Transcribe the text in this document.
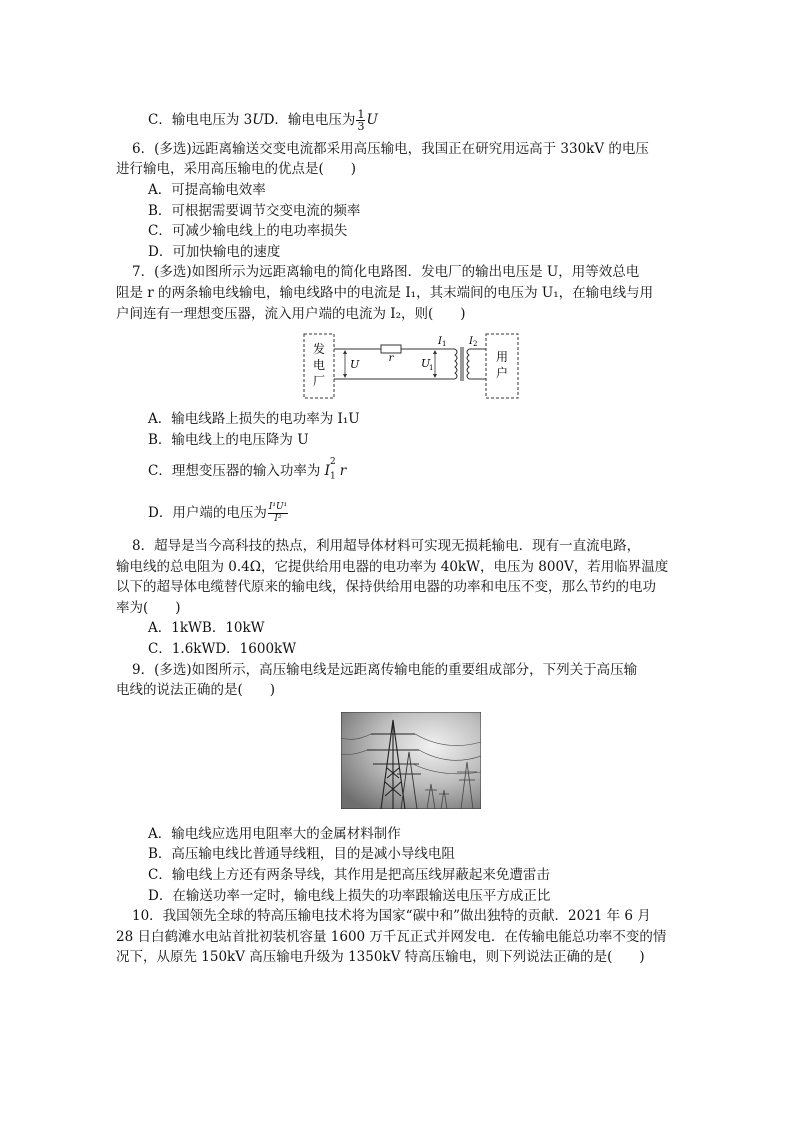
C．输电电压为 3UD．输电电压为 $\frac{1}{3}$ U
6．(多选)远距离输送交变电流都采用高压输电，我国正在研究用远高于 330kV 的电压
进行输电，采用高压输电的优点是(　　)
A．可提高输电效率
B．可根据需要调节交变电流的频率
C．可减少输电线上的电功率损失
D．可加快输电的速度
7．(多选)如图所示为远距离输电的简化电路图．发电厂的输出电压是 U，用等效总电
阻是 r 的两条输电线输电，输电线路中的电流是 I₁，其末端间的电压为 U₁，在输电线与用
户间连有一理想变压器，流入用户端的电流为 I₂，则(　　)
发
电
厂
r
U	U
1
I 1 I 2
用
户
A．输电线路上损失的电功率为 I₁U
B．输电线上的电压降为 U
C．理想变压器的输入功率为 I
2
$_1$ r
D．用户端的电压为 $\frac{\text{I¹U¹}}{\text{I²}}$
8．超导是当今高科技的热点，利用超导体材料可实现无损耗输电．现有一直流电路，
输电线的总电阻为 0.4Ω，它提供给用电器的电功率为 40kW，电压为 800V，若用临界温度
以下的超导体电缆替代原来的输电线，保持供给用电器的功率和电压不变，那么节约的电功
率为(　　)
A．1kWB．10kW
C．1.6kWD．1600kW
9．(多选)如图所示，高压输电线是远距离传输电能的重要组成部分，下列关于高压输
电线的说法正确的是(　　)
A．输电线应选用电阻率大的金属材料制作
B．高压输电线比普通导线粗，目的是减小导线电阻
C．输电线上方还有两条导线，其作用是把高压线屏蔽起来免遭雷击
D．在输送功率一定时，输电线上损失的功率跟输送电压平方成正比
10．我国领先全球的特高压输电技术将为国家“碳中和”做出独特的贡献．2021 年 6 月
28 日白鹤滩水电站首批初装机容量 1600 万千瓦正式并网发电．在传输电能总功率不变的情
况下，从原先 150kV 高压输电升级为 1350kV 特高压输电，则下列说法正确的是(　　)
